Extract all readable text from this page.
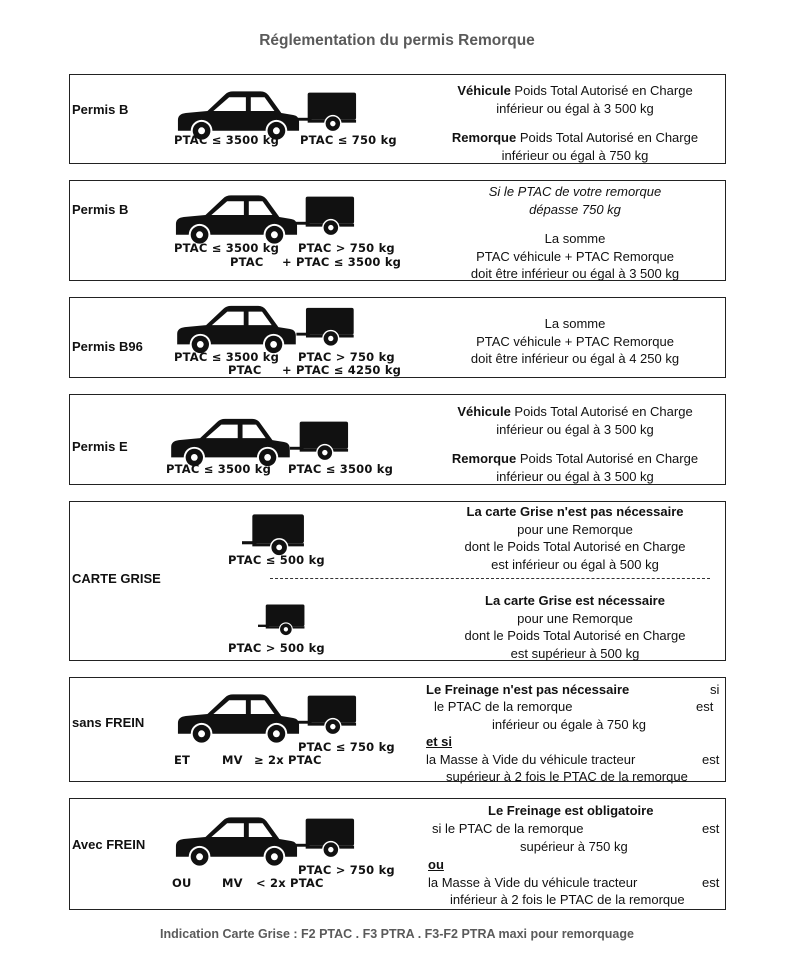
Réglementation du permis Remorque
Permis B
PTAC ≤ 3500 kg PTAC ≤ 750 kg
Véhicule Poids Total Autorisé en Charge
inférieur ou égal à 3 500 kg
Remorque Poids Total Autorisé en Charge
inférieur ou égal à 750 kg
Permis B
PTAC ≤ 3500 kg PTAC > 750 kg
PTAC + PTAC ≤ 3500 kg
Si le PTAC de votre remorque
dépasse 750 kg
La somme
PTAC véhicule + PTAC Remorque
doit être inférieur ou égal à 3 500 kg
Permis B96
PTAC ≤ 3500 kg PTAC > 750 kg
PTAC + PTAC ≤ 4250 kg
La somme
PTAC véhicule + PTAC Remorque
doit être inférieur ou égal à 4 250 kg
Permis E
PTAC ≤ 3500 kg PTAC ≤ 3500 kg
Véhicule Poids Total Autorisé en Charge
inférieur ou égal à 3 500 kg
Remorque Poids Total Autorisé en Charge
inférieur ou égal à 3 500 kg
CARTE GRISE
PTAC ≤ 500 kg
PTAC > 500 kg
La carte Grise n'est pas nécessaire
pour une Remorque
dont le Poids Total Autorisé en Charge
est inférieur ou égal à 500 kg
La carte Grise est nécessaire
pour une Remorque
dont le Poids Total Autorisé en Charge
est supérieur à 500 kg
sans FREIN
PTAC ≤ 750 kg
ET	MV ≥ 2x PTAC
Le Freinage n'est pas nécessaire	si
le PTAC de la remorque	est
inférieur ou égale à 750 kg
et si
la Masse à Vide du véhicule tracteur	est
supérieur à 2 fois le PTAC de la remorque
Avec FREIN
PTAC > 750 kg
OU	MV < 2x PTAC
Le Freinage est obligatoire
si le PTAC de la remorque	est
supérieur à 750 kg
ou
la Masse à Vide du véhicule tracteur	est
inférieur à 2 fois le PTAC de la remorque
Indication Carte Grise : F2 PTAC . F3 PTRA . F3-F2 PTRA maxi pour remorquage
